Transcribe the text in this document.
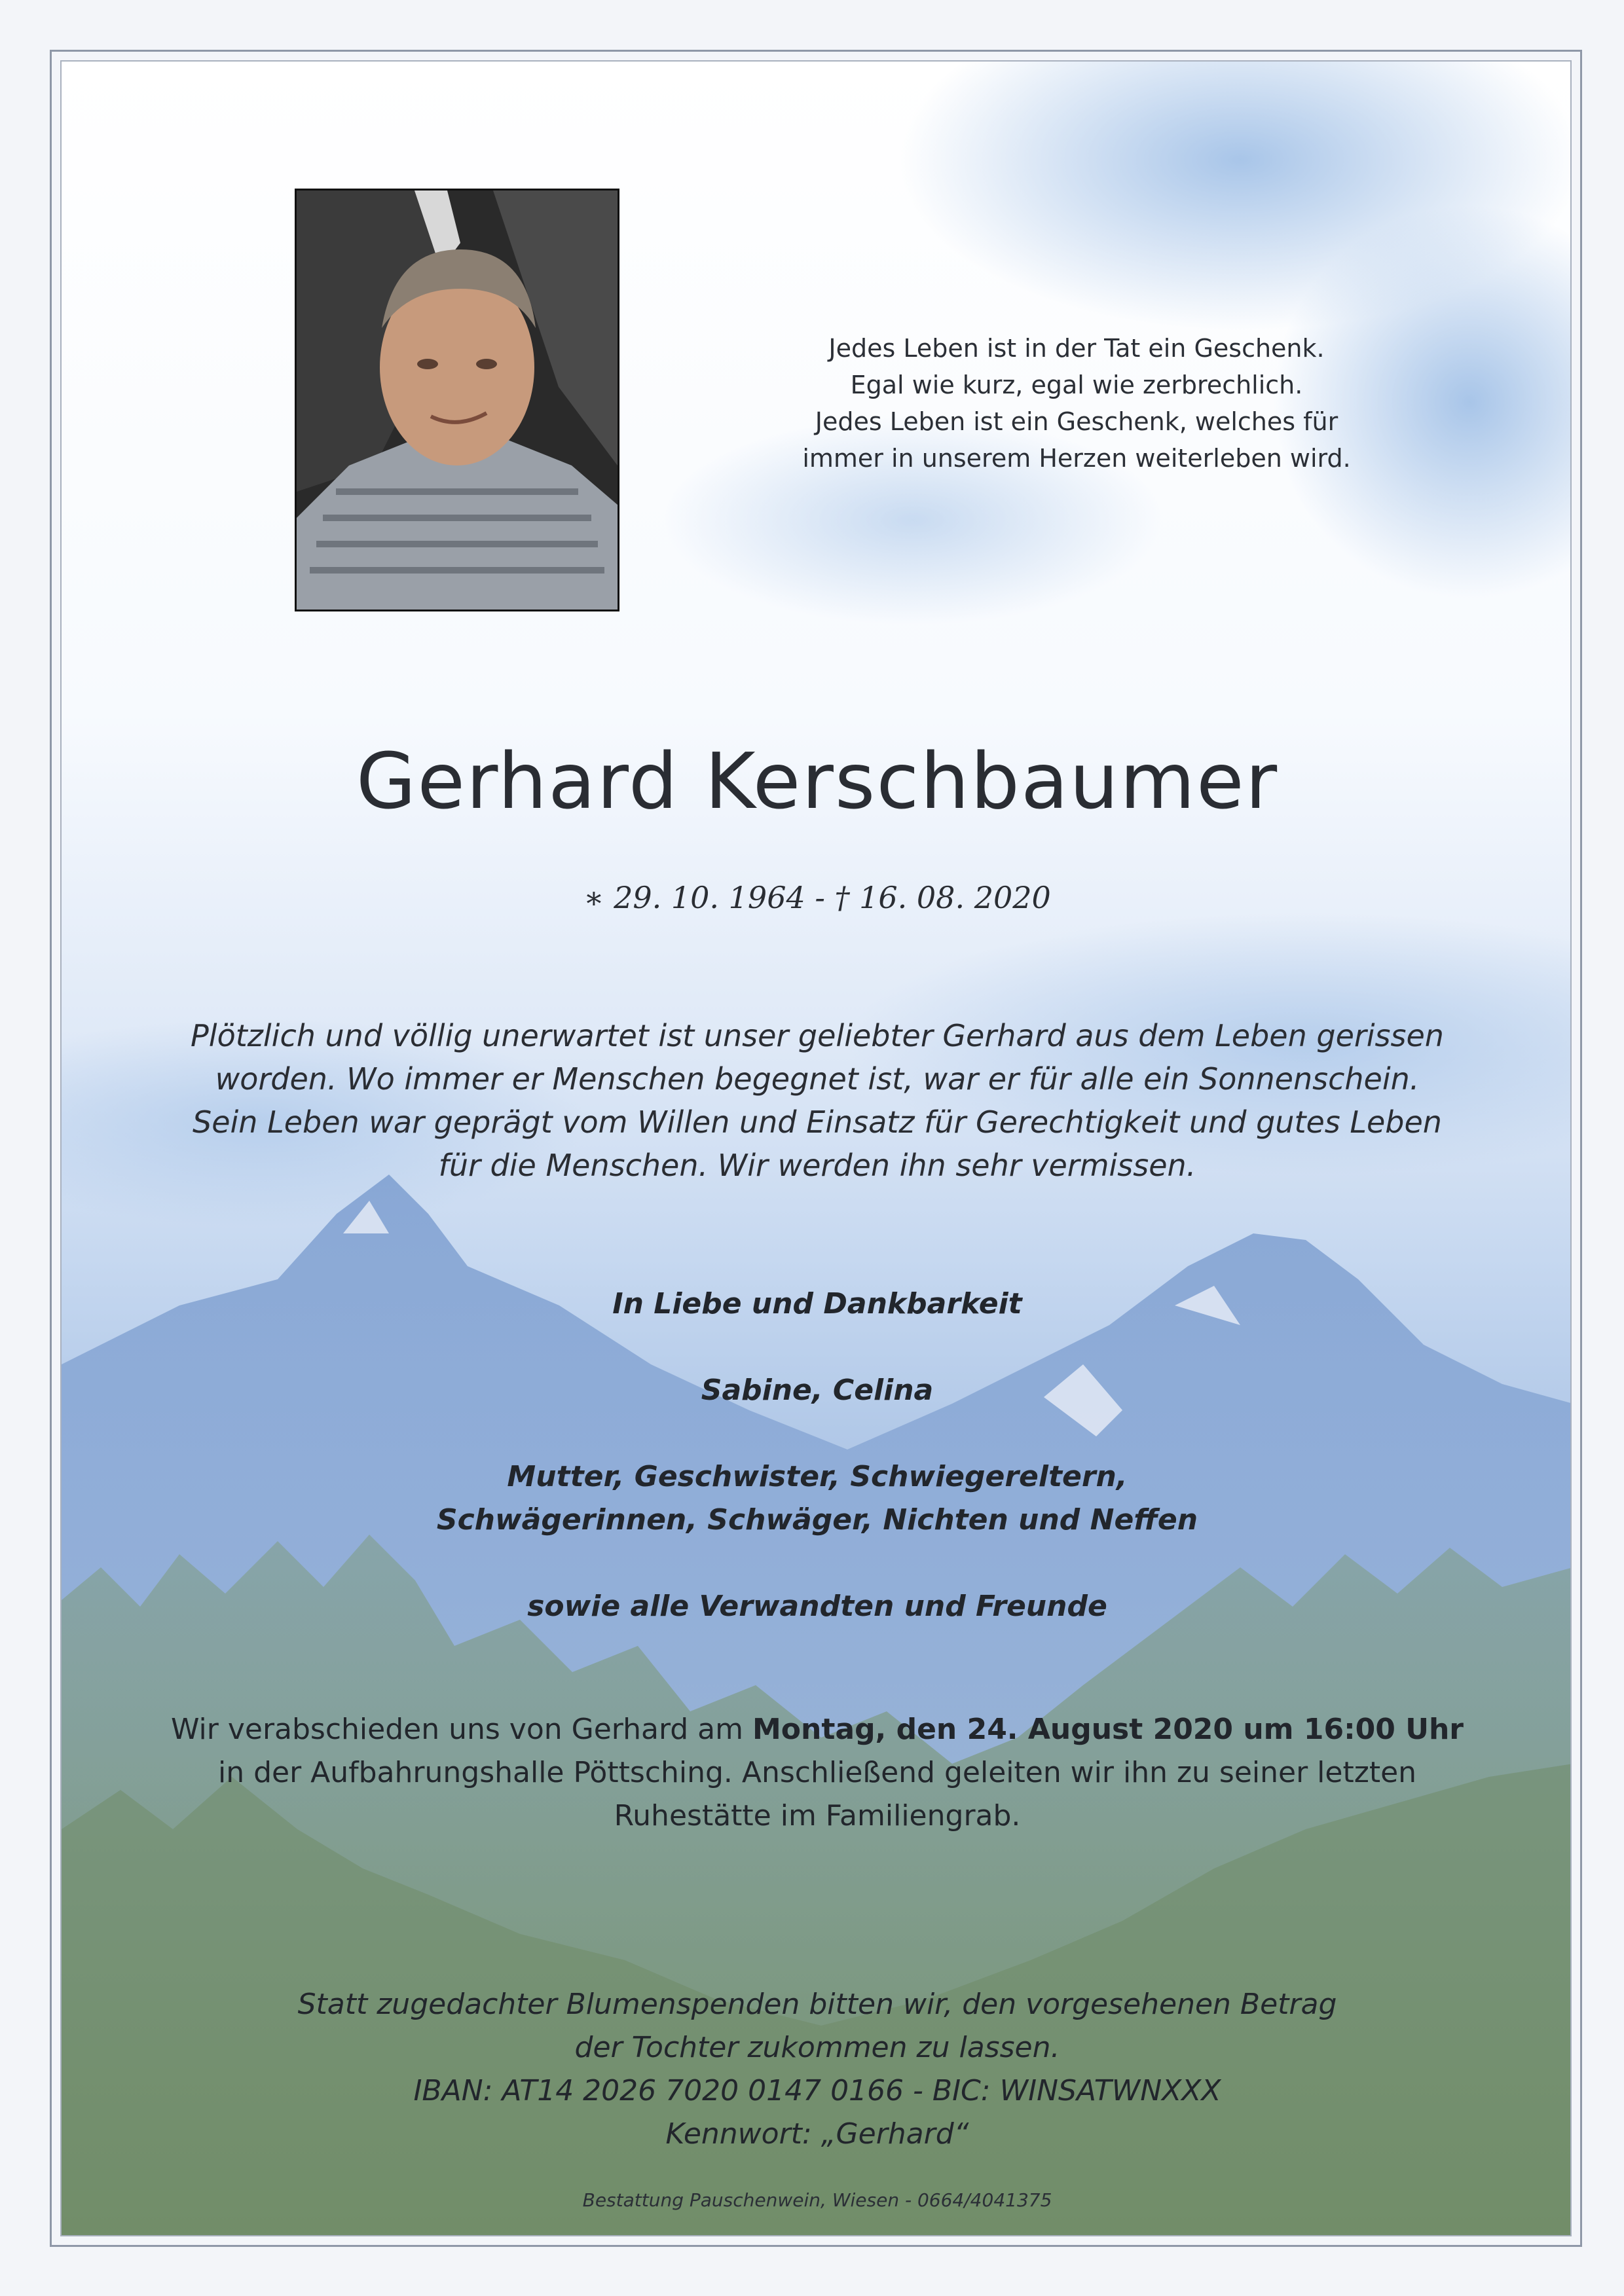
Jedes Leben ist in der Tat ein Geschenk.
Egal wie kurz, egal wie zerbrechlich.
Jedes Leben ist ein Geschenk, welches für
immer in unserem Herzen weiterleben wird.
Gerhard Kerschbaumer
∗ 29. 10. 1964 - † 16. 08. 2020
Plötzlich und völlig unerwartet ist unser geliebter Gerhard aus dem Leben gerissen
worden. Wo immer er Menschen begegnet ist, war er für alle ein Sonnenschein.
Sein Leben war geprägt vom Willen und Einsatz für Gerechtigkeit und gutes Leben
für die Menschen. Wir werden ihn sehr vermissen.
In Liebe und Dankbarkeit
Sabine, Celina
Mutter, Geschwister, Schwiegereltern,
Schwägerinnen, Schwäger, Nichten und Neffen
sowie alle Verwandten und Freunde
Wir verabschieden uns von Gerhard am Montag, den 24. August 2020 um 16:00 Uhr
in der Aufbahrungshalle Pöttsching. Anschließend geleiten wir ihn zu seiner letzten
Ruhestätte im Familiengrab.
Statt zugedachter Blumenspenden bitten wir, den vorgesehenen Betrag
der Tochter zukommen zu lassen.
IBAN: AT14 2026 7020 0147 0166 - BIC: WINSATWNXXX
Kennwort: „Gerhard“
Bestattung Pauschenwein, Wiesen - 0664/4041375
